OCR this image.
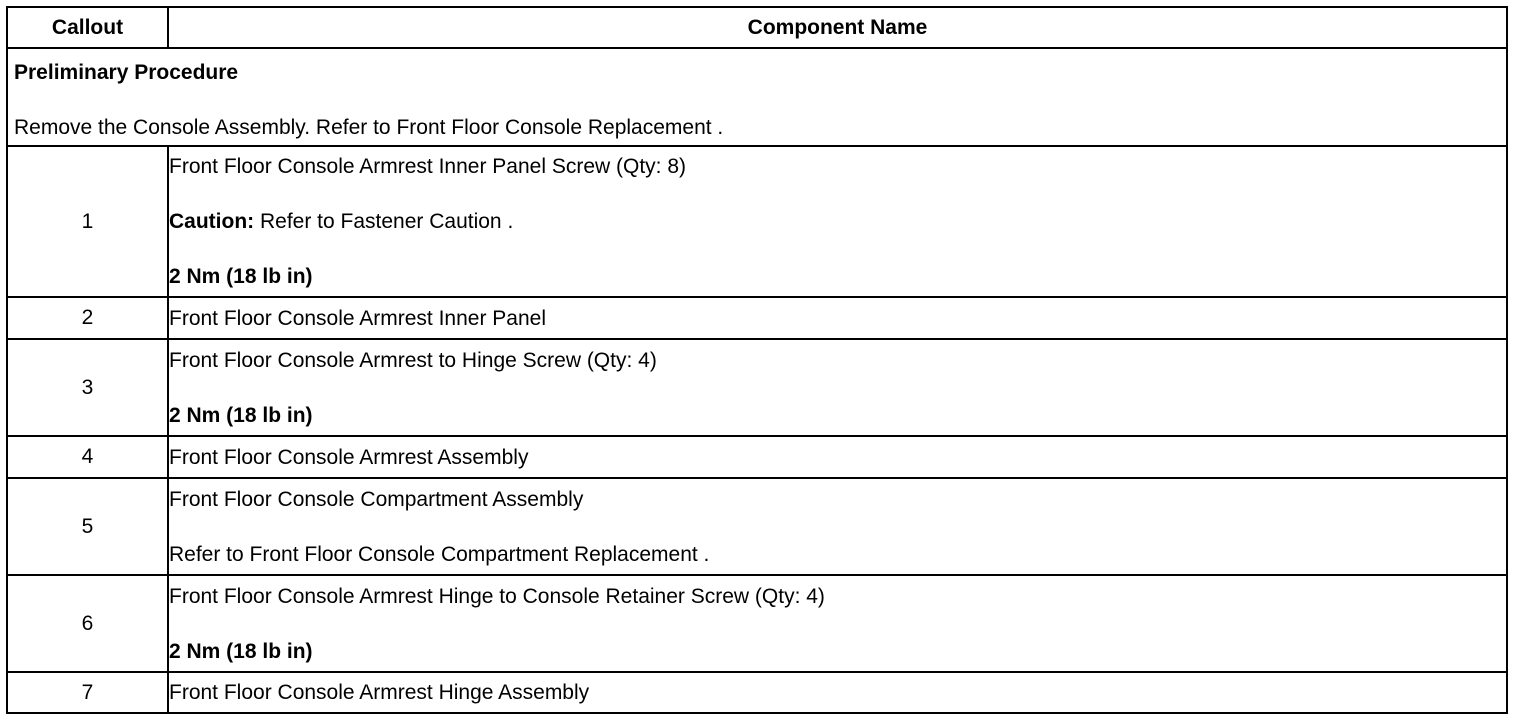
Callout	Component Name

Preliminary Procedure
Remove the Console Assembly. Refer to Front Floor Console Replacement .	

1	Front Floor Console Armrest Inner Panel Screw (Qty: 8)
Caution: Refer to Fastener Caution .
2 Nm (18 lb in)

2	Front Floor Console Armrest Inner Panel

3	Front Floor Console Armrest to Hinge Screw (Qty: 4)
2 Nm (18 lb in)

4	Front Floor Console Armrest Assembly

5	Front Floor Console Compartment Assembly
Refer to Front Floor Console Compartment Replacement .

6	Front Floor Console Armrest Hinge to Console Retainer Screw (Qty: 4)
2 Nm (18 lb in)

7	Front Floor Console Armrest Hinge Assembly
